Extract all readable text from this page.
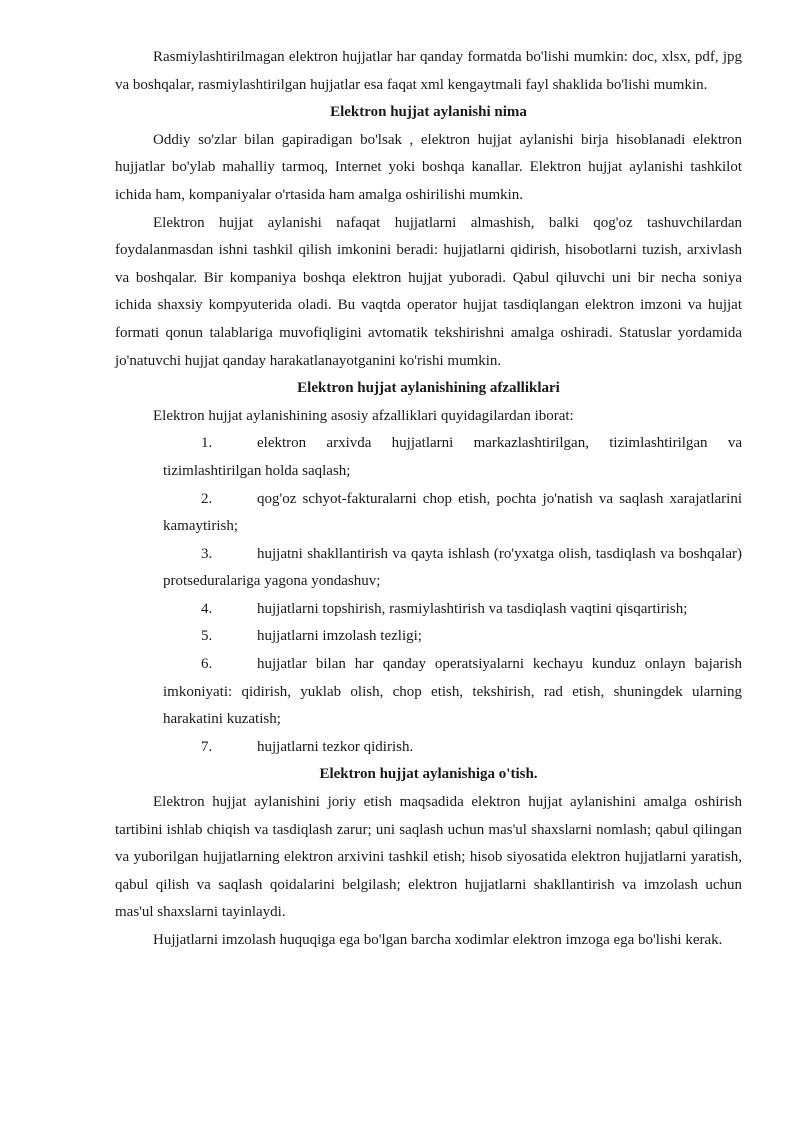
Rasmiylashtirilmagan elektron hujjatlar har qanday formatda bo'lishi mumkin: doc, xlsx, pdf, jpg va boshqalar, rasmiylashtirilgan hujjatlar esa faqat xml kengaytmali fayl shaklida bo'lishi mumkin.

Elektron hujjat aylanishi nima

Oddiy so'zlar bilan gapiradigan bo'lsak , elektron hujjat aylanishi birja hisoblanadi elektron hujjatlar bo'ylab mahalliy tarmoq, Internet yoki boshqa kanallar. Elektron hujjat aylanishi tashkilot ichida ham, kompaniyalar o'rtasida ham amalga oshirilishi mumkin.

Elektron hujjat aylanishi nafaqat hujjatlarni almashish, balki qog'oz tashuvchilardan foydalanmasdan ishni tashkil qilish imkonini beradi: hujjatlarni qidirish, hisobotlarni tuzish, arxivlash va boshqalar. Bir kompaniya boshqa elektron hujjat yuboradi. Qabul qiluvchi uni bir necha soniya ichida shaxsiy kompyuterida oladi. Bu vaqtda operator hujjat tasdiqlangan elektron imzoni va hujjat formati qonun talablariga muvofiqligini avtomatik tekshirishni amalga oshiradi. Statuslar yordamida jo'natuvchi hujjat qanday harakatlanayotganini ko'rishi mumkin.

Elektron hujjat aylanishining afzalliklari

Elektron hujjat aylanishining asosiy afzalliklari quyidagilardan iborat:

1.	elektron arxivda hujjatlarni markazlashtirilgan, tizimlashtirilgan va tizimlashtirilgan holda saqlash;
2.	qog'oz schyot-fakturalarni chop etish, pochta jo'natish va saqlash xarajatlarini kamaytirish;
3.	hujjatni shakllantirish va qayta ishlash (ro'yxatga olish, tasdiqlash va boshqalar) protseduralariga yagona yondashuv;
4.	hujjatlarni topshirish, rasmiylashtirish va tasdiqlash vaqtini qisqartirish;
5.	hujjatlarni imzolash tezligi;
6.	hujjatlar bilan har qanday operatsiyalarni kechayu kunduz onlayn bajarish imkoniyati: qidirish, yuklab olish, chop etish, tekshirish, rad etish, shuningdek ularning harakatini kuzatish;
7.	hujjatlarni tezkor qidirish.
Elektron hujjat aylanishiga o'tish.

Elektron hujjat aylanishini joriy etish maqsadida elektron hujjat aylanishini amalga oshirish tartibini ishlab chiqish va tasdiqlash zarur; uni saqlash uchun mas'ul shaxslarni nomlash; qabul qilingan va yuborilgan hujjatlarning elektron arxivini tashkil etish; hisob siyosatida elektron hujjatlarni yaratish, qabul qilish va saqlash qoidalarini belgilash; elektron hujjatlarni shakllantirish va imzolash uchun mas'ul shaxslarni tayinlaydi.

Hujjatlarni imzolash huquqiga ega bo'lgan barcha xodimlar elektron imzoga ega bo'lishi kerak.
